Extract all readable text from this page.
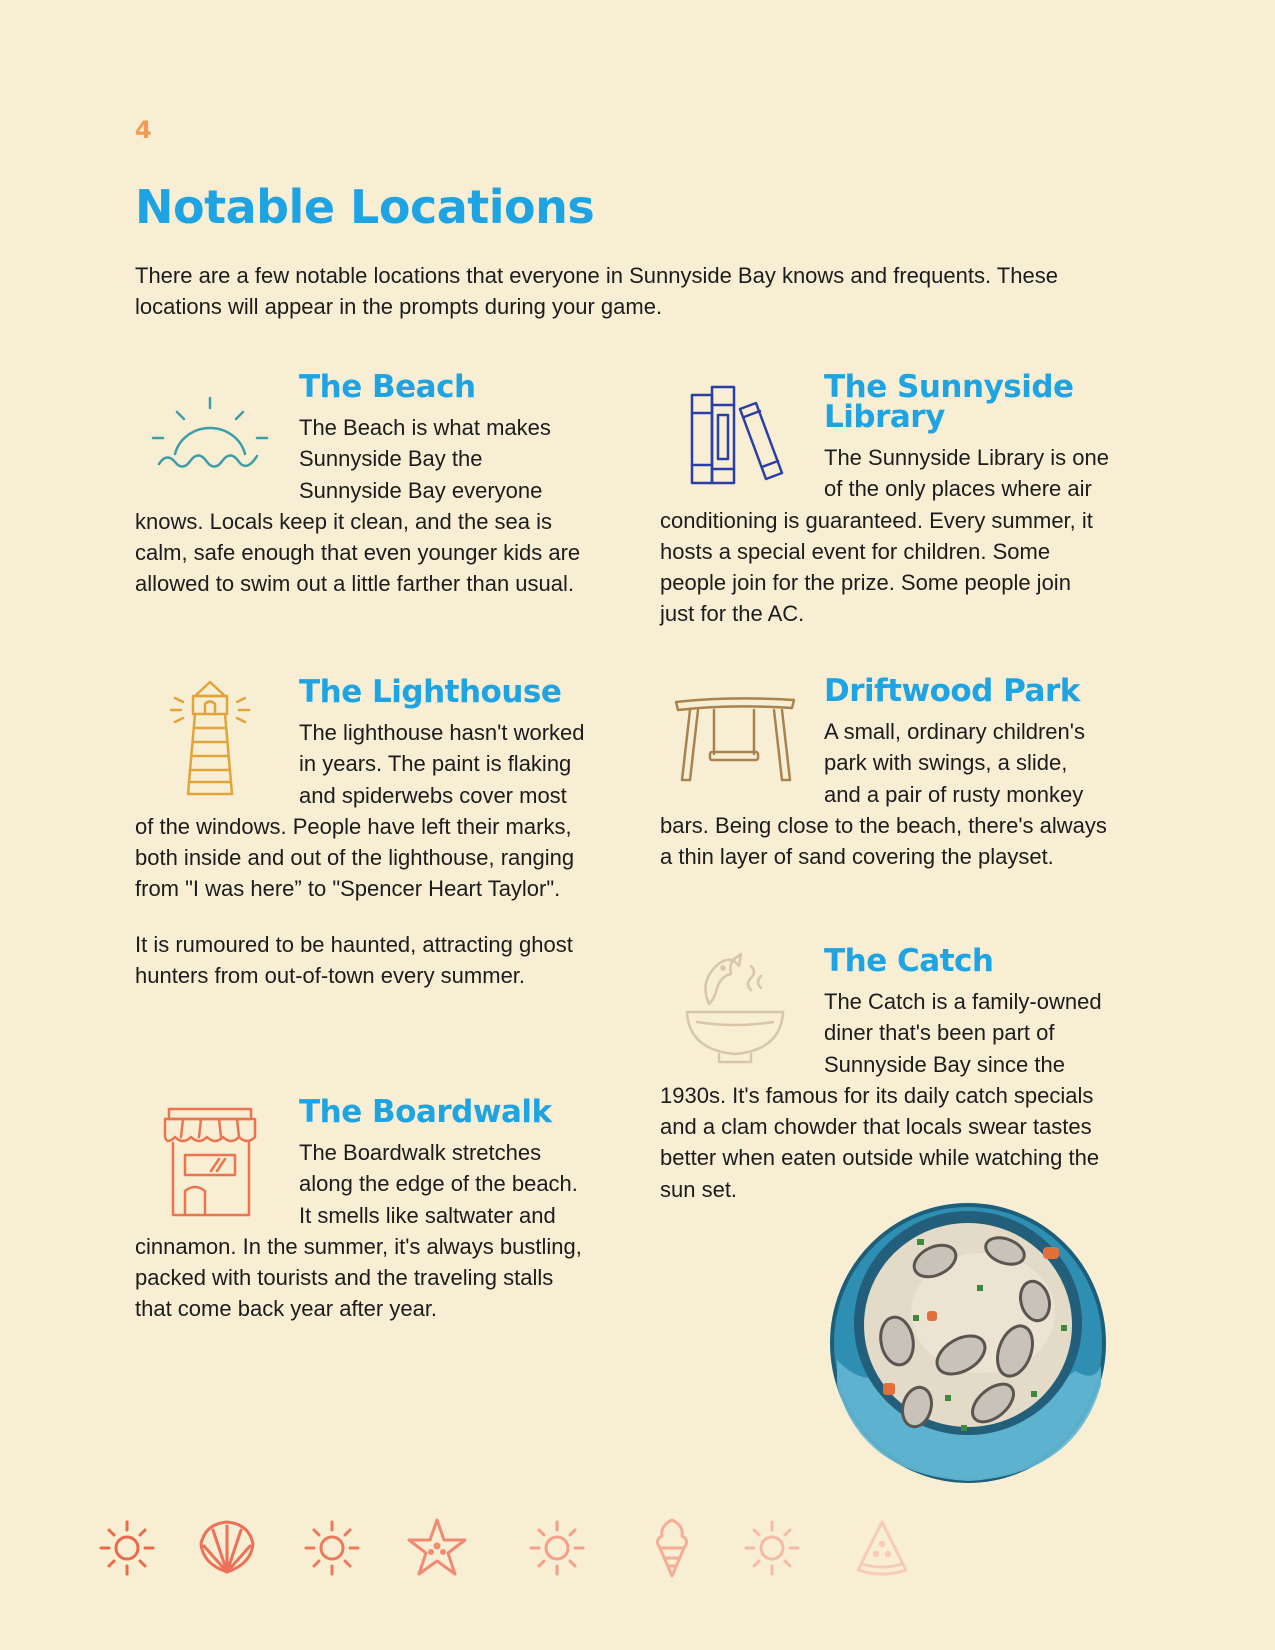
4
Notable Locations

There are a few notable locations that everyone in Sunnyside Bay knows and frequents. These locations will appear in the prompts during your game.

The Beach

The Beach is what makes Sunnyside Bay the Sunnyside Bay everyone knows. Locals keep it clean, and the sea is calm, safe enough that even younger kids are allowed to swim out a little farther than usual.

The Lighthouse

The lighthouse hasn't worked in years. The paint is flaking and spiderwebs cover most of the windows. People have left their marks, both inside and out of the lighthouse, ranging from "I was here” to "Spencer Heart Taylor".

It is rumoured to be haunted, attracting ghost hunters from out-of-town every summer.

The Boardwalk

The Boardwalk stretches along the edge of the beach. It smells like saltwater and cinnamon. In the summer, it's always bustling, packed with tourists and the traveling stalls that come back year after year.

The Sunnyside Library

The Sunnyside Library is one of the only places where air conditioning is guaranteed. Every summer, it hosts a special event for children. Some people join for the prize. Some people join just for the AC.

Driftwood Park

A small, ordinary children's park with swings, a slide, and a pair of rusty monkey bars. Being close to the beach, there's always a thin layer of sand covering the playset.

The Catch

The Catch is a family-owned diner that's been part of Sunnyside Bay since the 1930s. It's famous for its daily catch specials and a clam chowder that locals swear tastes better when eaten outside while watching the sun set.
